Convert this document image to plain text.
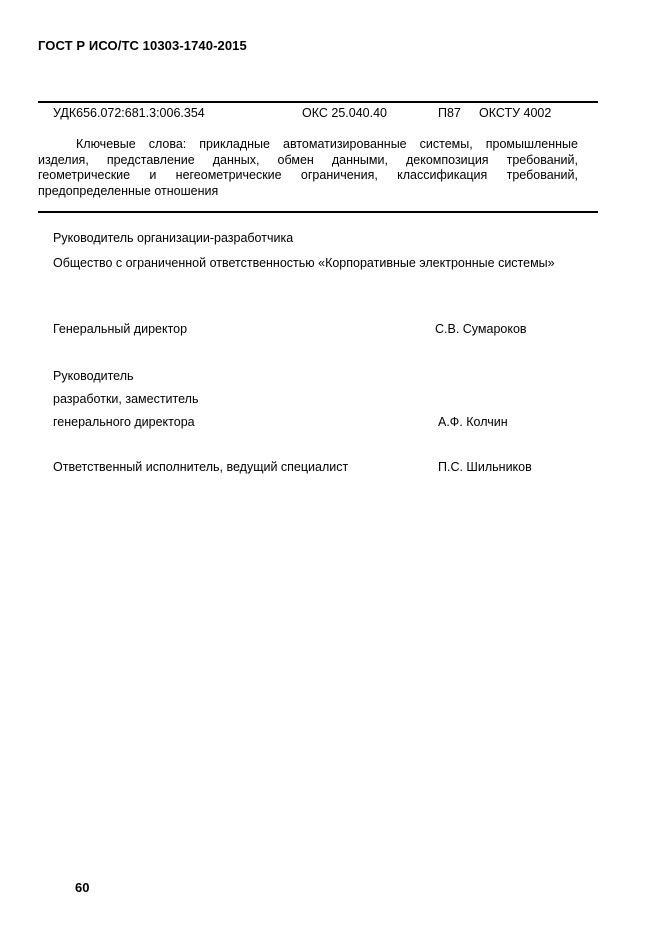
ГОСТ Р ИСО/ТС 10303-1740-2015
УДК656.072:681.3:006.354	ОКС 25.040.40	П87 ОКСТУ 4002
Ключевые слова: прикладные автоматизированные системы, промышленные изделия, представление данных, обмен данными, декомпозиция требований, геометрические и негеометрические ограничения, классификация требований, предопределенные отношения
Руководитель организации-разработчика
Общество с ограниченной ответственностью «Корпоративные электронные системы»
Генеральный директор	С.В. Сумароков
Руководитель
разработки, заместитель
генерального директора	А.Ф. Колчин
Ответственный исполнитель, ведущий специалист	П.С. Шильников
60
